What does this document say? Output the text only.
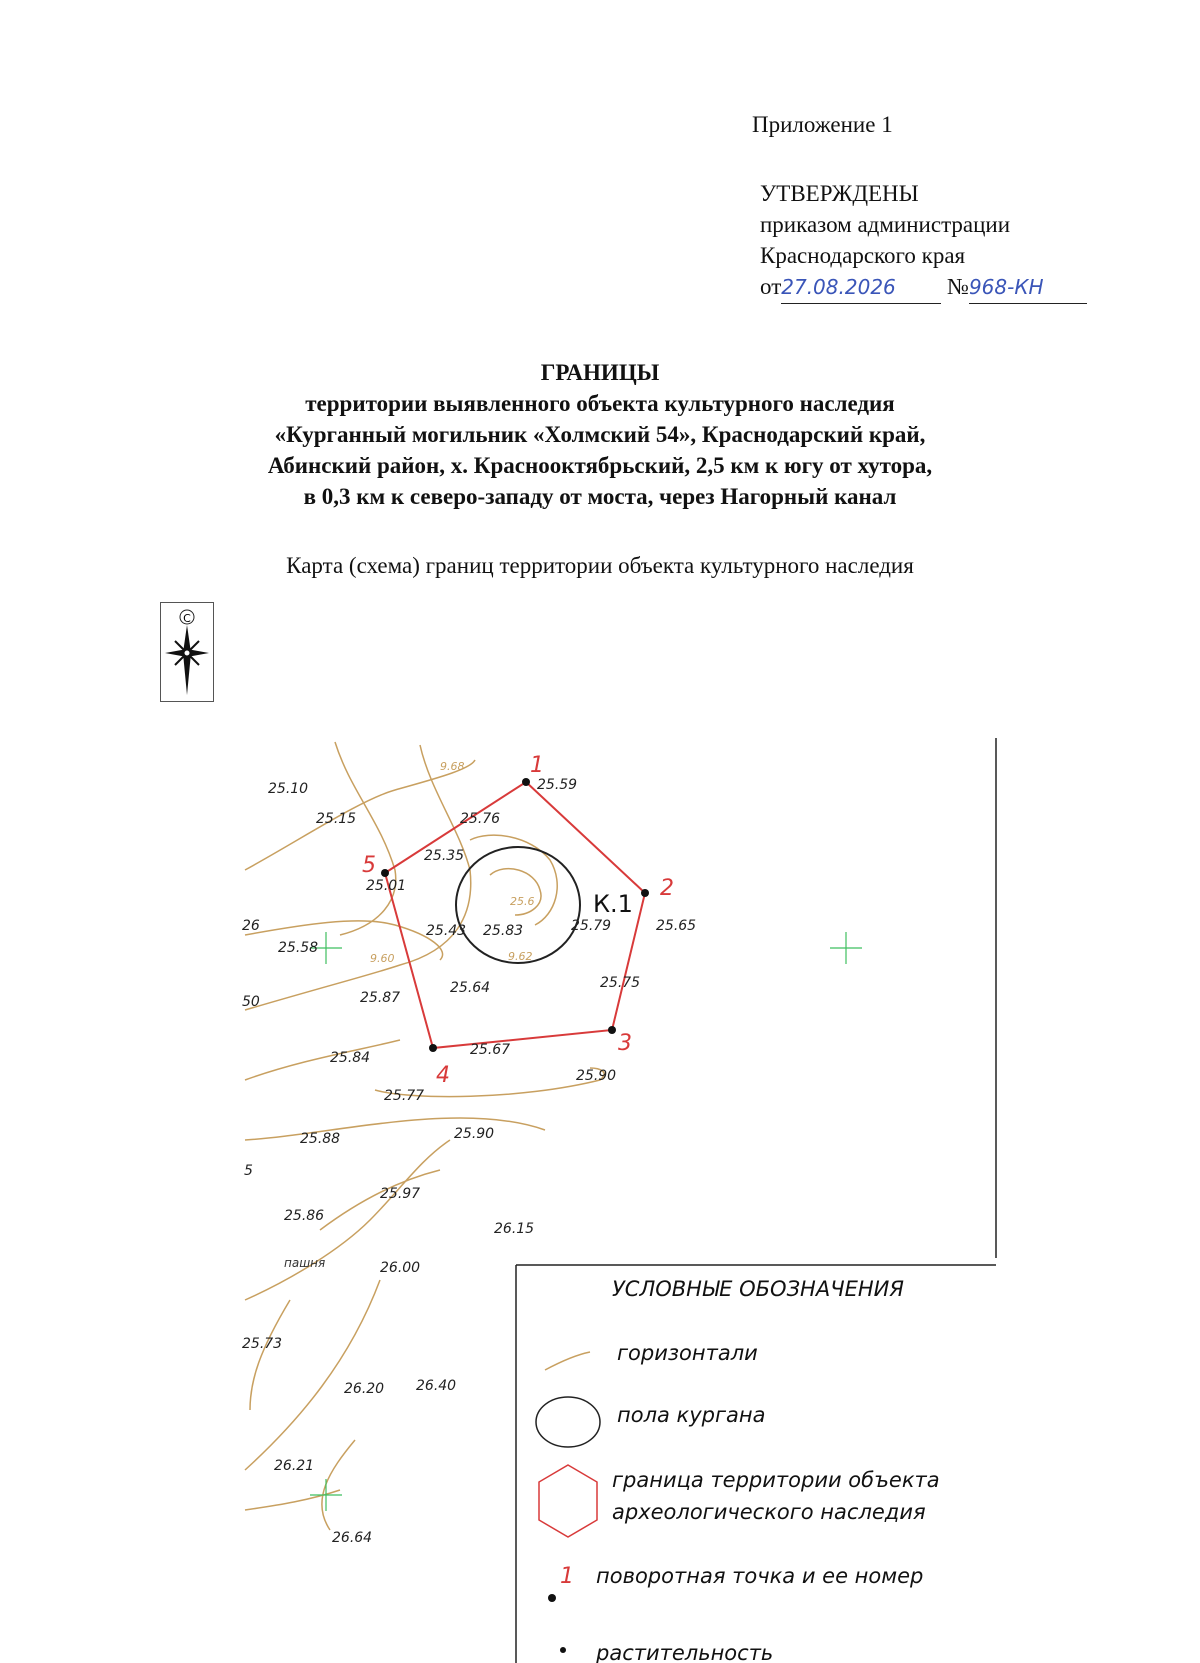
Приложение 1
УТВЕРЖДЕНЫ
приказом администрации
Краснодарского края
от27.08.2026 №968-КН
ГРАНИЦЫ
территории выявленного объекта культурного наследия
«Курганный могильник «Холмский 54», Краснодарский край,
Абинский район, х. Краснооктябрьский, 2,5 км к югу от хутора,
в 0,3 км к северо-западу от моста, через Нагорный канал
Карта (схема) границ территории объекта культурного наследия
С
1
2
3
4
5
К.1
9.68
25.6
9.62
9.60
25.10
25.15	25.76
25.35
25.43 25.83	25.79	25.65
25.58
25.87
25.64	25.75
25.67
25.84
25.90
25.77
25.88	25.90
25.97
25.86
26.15
26.00
26.20 26.40
26.21
26.64
25.73
25.59
25.01
26
50
5
пашня
УСЛОВНЫЕ ОБОЗНАЧЕНИЯ
горизонтали
пола кургана
граница территории объекта археологического наследия
1 поворотная точка и ее номер
растительность
